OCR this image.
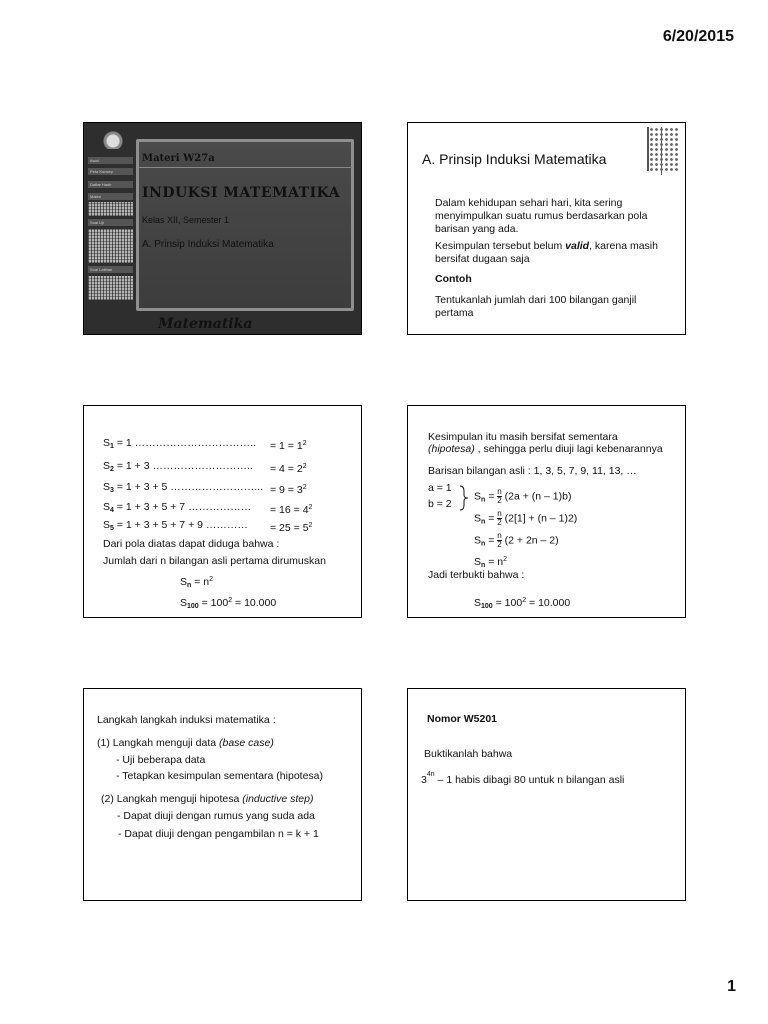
6/20/2015
Awal
Peta Konsep
Daftar Hadir
Materi
Soal Uji
Soal Latihan
Materi W27a
INDUKSI MATEMATIKA
Kelas XII, Semester 1
A. Prinsip Induksi Matematika
Matematika
A. Prinsip Induksi Matematika
Dalam kehidupan sehari hari, kita sering menyimpulkan suatu rumus berdasarkan pola barisan yang ada.
Kesimpulan tersebut belum valid, karena masih bersifat dugaan saja
Contoh
Tentukanlah jumlah dari 100 bilangan ganjil pertama
$S_1 = 1$ …………………………….. = $1 = 1^2$
$S_2 = 1 + 3$ ……………………….. = $4 = 2^2$
$S_3 = 1 + 3 + 5$ ……………………... = $9 = 3^2$
$S_4 = 1 + 3 + 5 + 7$ ……………… = $16 = 4^2$
$S_5 = 1 + 3 + 5 + 7 + 9$ ………… = $25 = 5^2$
Dari pola diatas dapat diduga bahwa :
Jumlah dari n bilangan asli pertama dirumuskan
$S_n = n^2$
$S_{100} = 100^2 = 10.000$
Kesimpulan itu masih bersifat sementara
(hipotesa) , sehingga perlu diuji lagi kebenarannya
Barisan bilangan asli : 1, 3, 5, 7, 9, 11, 13, …
a = 1
b = 2
$S_n = \frac{n}{2} (2a + (n - 1)b)$
$S_n = \frac{n}{2} (2[1] + (n - 1)2)$
$S_n = \frac{n}{2} (2 + 2n - 2)$
$S_n = n^2$
Jadi terbukti bahwa :
$S_{100} = 100^2 = 10.000$
Langkah langkah induksi matematika :
(1) Langkah menguji data (base case)
- Uji beberapa data
- Tetapkan kesimpulan sementara (hipotesa)
(2) Langkah menguji hipotesa (inductive step)
- Dapat diuji dengan rumus yang suda ada
- Dapat diuji dengan pengambilan n = k + 1
Nomor W5201
Buktikanlah bahwa
$3^{4n} - 1$ habis dibagi 80 untuk n bilangan asli
1
